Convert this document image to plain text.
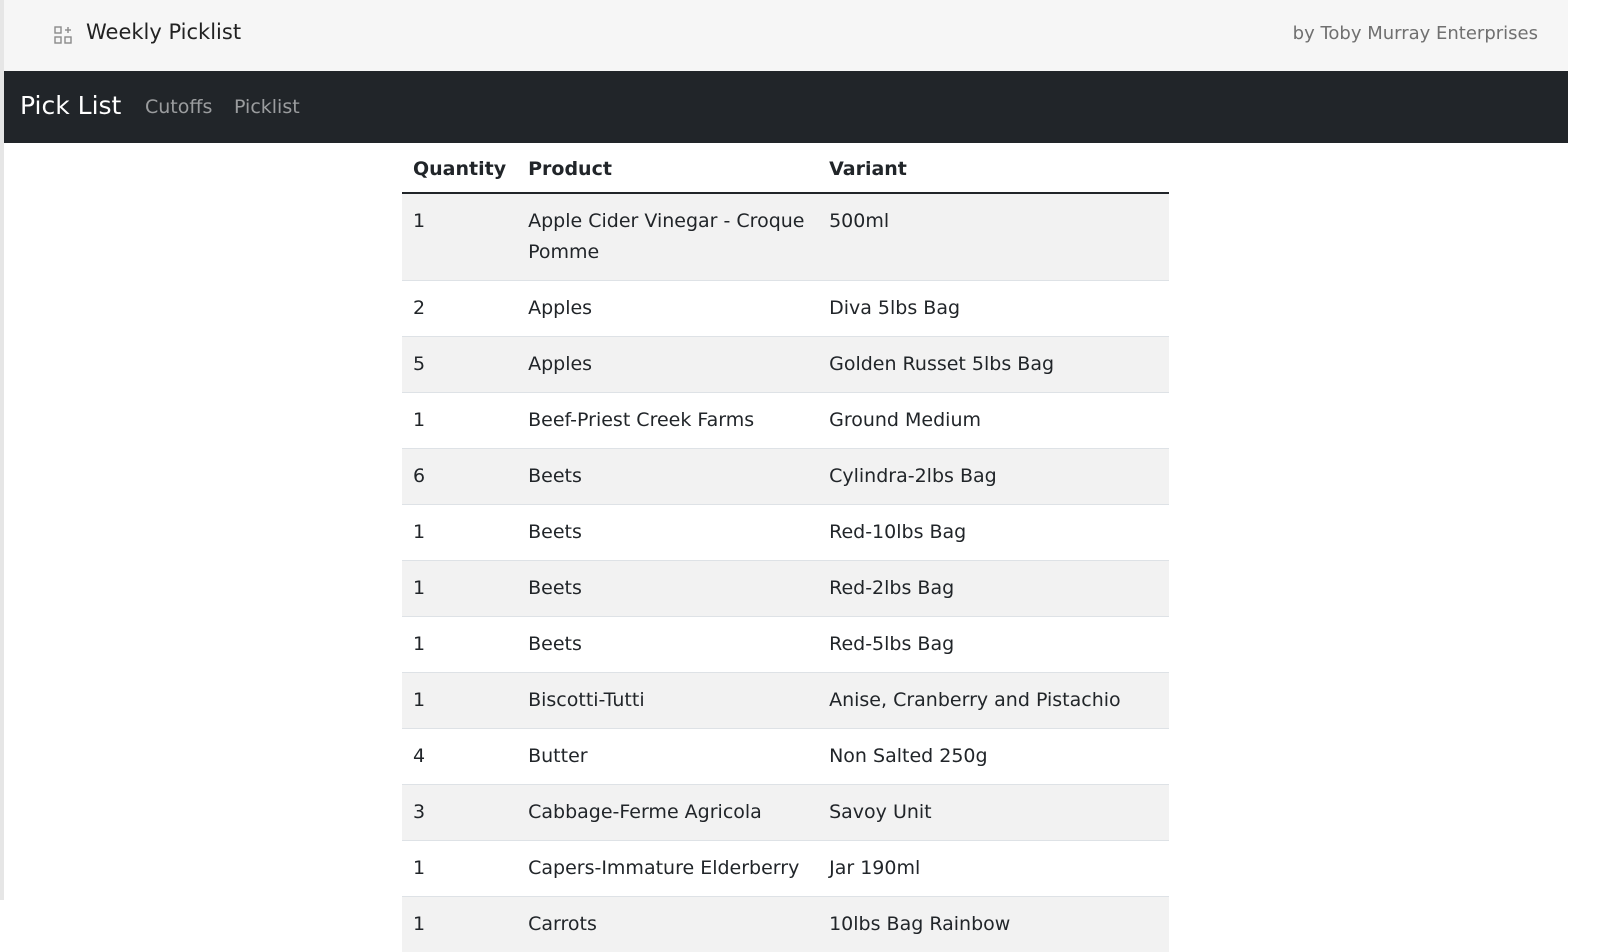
Weekly Picklist	by Toby Murray Enterprises
Pick List Cutoffs Picklist
Quantity	Product	Variant
1	Apple Cider Vinegar - Croque Pomme	500ml
2	Apples	Diva 5lbs Bag
5	Apples	Golden Russet 5lbs Bag
1	Beef-Priest Creek Farms	Ground Medium
6	Beets	Cylindra-2lbs Bag
1	Beets	Red-10lbs Bag
1	Beets	Red-2lbs Bag
1	Beets	Red-5lbs Bag
1	Biscotti-Tutti	Anise, Cranberry and Pistachio
4	Butter	Non Salted 250g
3	Cabbage-Ferme Agricola	Savoy Unit
1	Capers-Immature Elderberry	Jar 190ml
1	Carrots	10lbs Bag Rainbow
